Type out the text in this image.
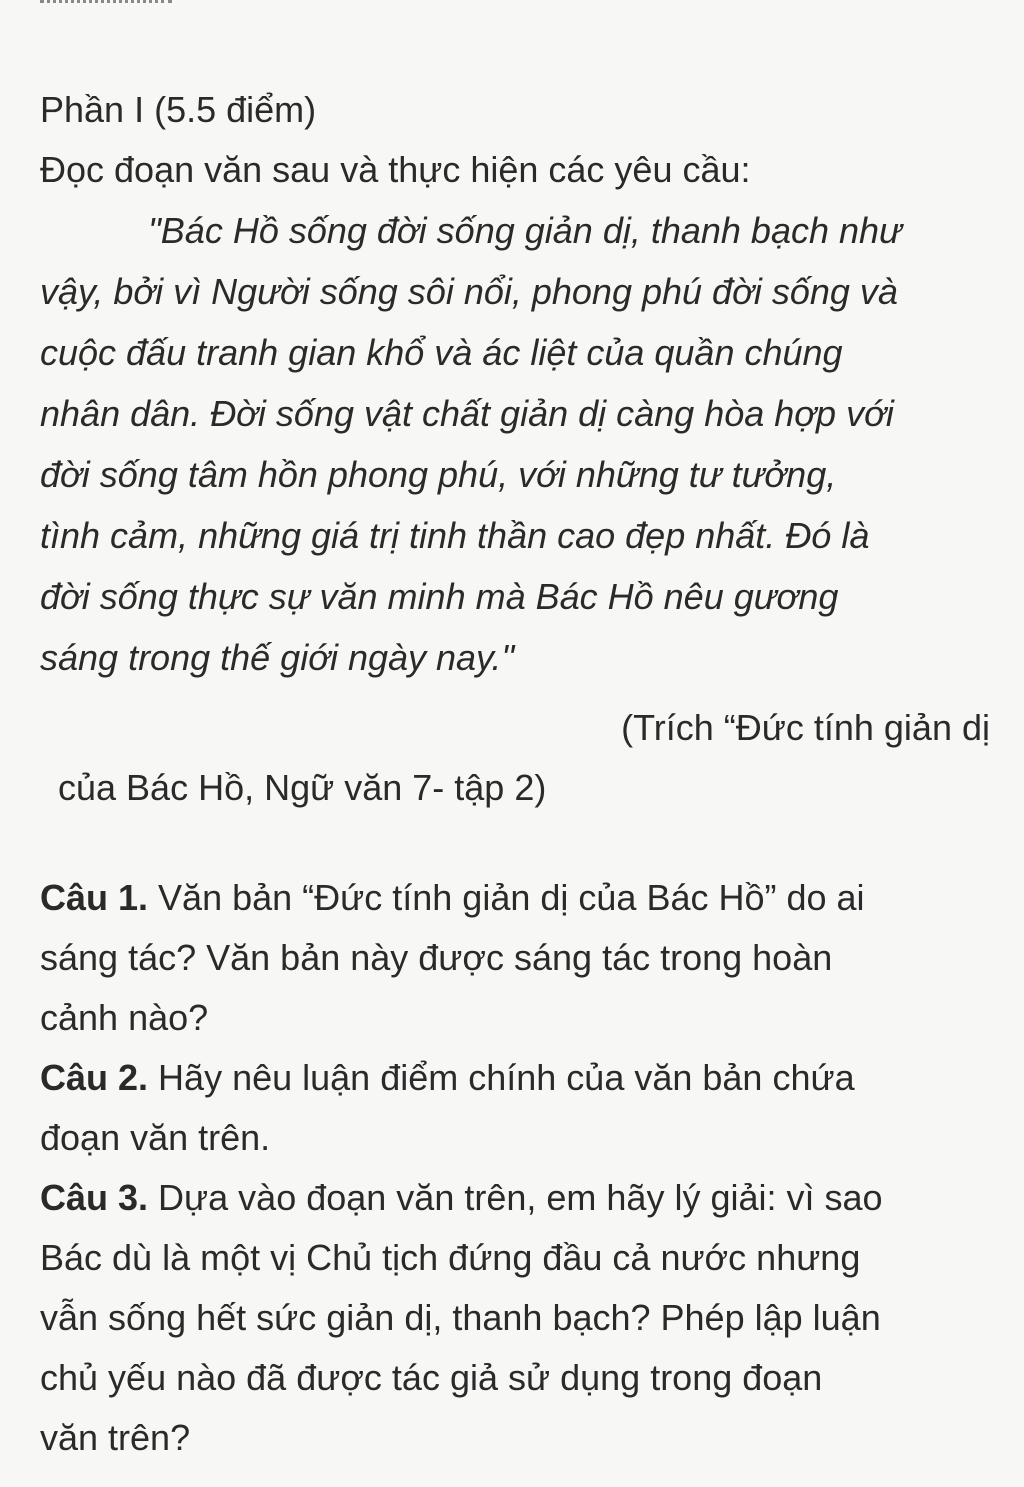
Phần I (5.5 điểm)

Đọc đoạn văn sau và thực hiện các yêu cầu:

"Bác Hồ sống đời sống giản dị, thanh bạch như

vậy, bởi vì Người sống sôi nổi, phong phú đời sống và

cuộc đấu tranh gian khổ và ác liệt của quần chúng

nhân dân. Đời sống vật chất giản dị càng hòa hợp với

đời sống tâm hồn phong phú, với những tư tưởng,

tình cảm, những giá trị tinh thần cao đẹp nhất. Đó là

đời sống thực sự văn minh mà Bác Hồ nêu gương

sáng trong thế giới ngày nay."

(Trích “Đức tính giản dị

của Bác Hồ, Ngữ văn 7- tập 2)

Câu 1. Văn bản “Đức tính giản dị của Bác Hồ” do ai

sáng tác? Văn bản này được sáng tác trong hoàn

cảnh nào?

Câu 2. Hãy nêu luận điểm chính của văn bản chứa

đoạn văn trên.

Câu 3. Dựa vào đoạn văn trên, em hãy lý giải: vì sao

Bác dù là một vị Chủ tịch đứng đầu cả nước nhưng

vẫn sống hết sức giản dị, thanh bạch? Phép lập luận

chủ yếu nào đã được tác giả sử dụng trong đoạn

văn trên?
